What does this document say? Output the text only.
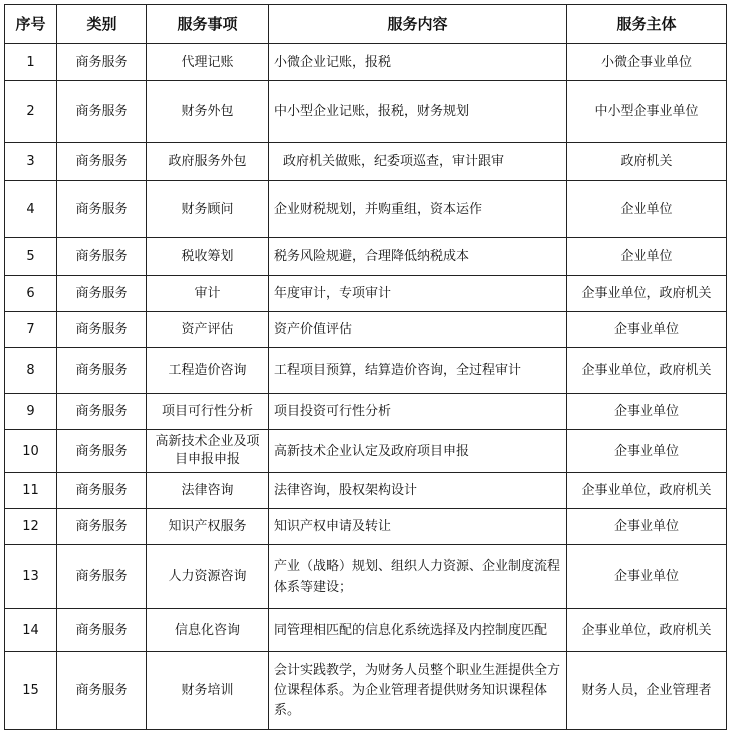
序号	类别	服务事项	服务内容	服务主体
1	商务服务	代理记账	小微企业记账，报税	小微企事业单位
2	商务服务	财务外包	中小型企业记账，报税，财务规划	中小型企事业单位
3	商务服务	政府服务外包	政府机关做账，纪委项巡查，审计跟审	政府机关
4	商务服务	财务顾问	企业财税规划，并购重组，资本运作	企业单位
5	商务服务	税收筹划	税务风险规避，合理降低纳税成本	企业单位
6	商务服务	审计	年度审计，专项审计	企事业单位，政府机关
7	商务服务	资产评估	资产价值评估	企事业单位
8	商务服务	工程造价咨询	工程项目预算，结算造价咨询，全过程审计	企事业单位，政府机关
9	商务服务	项目可行性分析	项目投资可行性分析	企事业单位
10	商务服务	高新技术企业及项目申报申报	高新技术企业认定及政府项目申报	企事业单位
11	商务服务	法律咨询	法律咨询，股权架构设计	企事业单位，政府机关
12	商务服务	知识产权服务	知识产权申请及转让	企事业单位
13	商务服务	人力资源咨询	产业（战略）规划、组织人力资源、企业制度流程体系等建设；	企事业单位
14	商务服务	信息化咨询	同管理相匹配的信息化系统选择及内控制度匹配	企事业单位，政府机关
15	商务服务	财务培训	会计实践教学，为财务人员整个职业生涯提供全方位课程体系。为企业管理者提供财务知识课程体系。	财务人员，企业管理者
